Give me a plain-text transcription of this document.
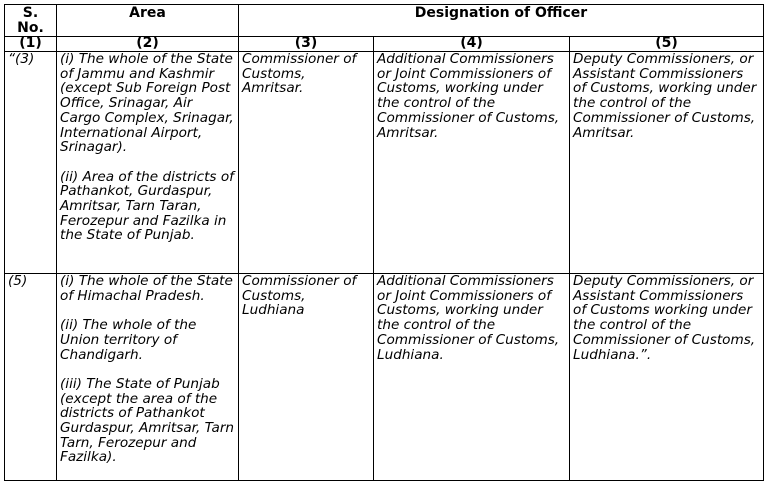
S. No.	Area	Designation of Officer		
(1)	(2)	(3)	(4)	(5)
“(3)	(i) The whole of the State of Jammu and Kashmir (except Sub Foreign Post Office, Srinagar, Air Cargo Complex, Srinagar, International Airport, Srinagar).

(ii) Area of the districts of Pathankot, Gurdaspur, Amritsar, Tarn Taran, Ferozepur and Fazilka in the State of Punjab.	Commissioner of Customs, Amritsar.	Additional Commissioners or Joint Commissioners of Customs, working under the control of the Commissioner of Customs, Amritsar.	Deputy Commissioners, or Assistant Commissioners of Customs, working under the control of the Commissioner of Customs, Amritsar.
(5)	(i) The whole of the State of Himachal Pradesh.

(ii) The whole of the Union territory of Chandigarh.

(iii) The State of Punjab (except the area of the districts of Pathankot Gurdaspur, Amritsar, Tarn Tarn, Ferozepur and Fazilka).	Commissioner of Customs, Ludhiana	Additional Commissioners or Joint Commissioners of Customs, working under the control of the Commissioner of Customs, Ludhiana.	Deputy Commissioners, or Assistant Commissioners of Customs working under the control of the Commissioner of Customs, Ludhiana.”.
